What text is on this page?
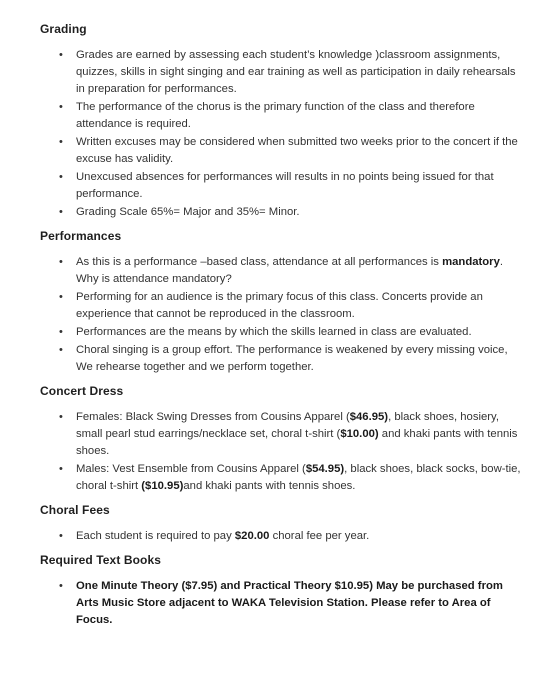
Grading
• Grades are earned by assessing each student’s knowledge )classroom assignments, quizzes, skills in sight singing and ear training as well as participation in daily rehearsals in preparation for performances.
• The performance of the chorus is the primary function of the class and therefore attendance is required.
• Written excuses may be considered when submitted two weeks prior to the concert if the excuse has validity.
• Unexcused absences for performances will results in no points being issued for that performance.
• Grading Scale 65%= Major and 35%= Minor.
Performances
• As this is a performance –based class, attendance at all performances is mandatory. Why is attendance mandatory?
• Performing for an audience is the primary focus of this class. Concerts provide an experience that cannot be reproduced in the classroom.
• Performances are the means by which the skills learned in class are evaluated.
• Choral singing is a group effort. The performance is weakened by every missing voice, We rehearse together and we perform together.
Concert Dress
• Females: Black Swing Dresses from Cousins Apparel ($46.95), black shoes, hosiery, small pearl stud earrings/necklace set, choral t-shirt ($10.00) and khaki pants with tennis shoes.
• Males: Vest Ensemble from Cousins Apparel ($54.95), black shoes, black socks, bow-tie, choral t-shirt ($10.95)and khaki pants with tennis shoes.
Choral Fees
• Each student is required to pay $20.00 choral fee per year.
Required Text Books
• One Minute Theory ($7.95) and Practical Theory $10.95) May be purchased from Arts Music Store adjacent to WAKA Television Station. Please refer to Area of Focus.
